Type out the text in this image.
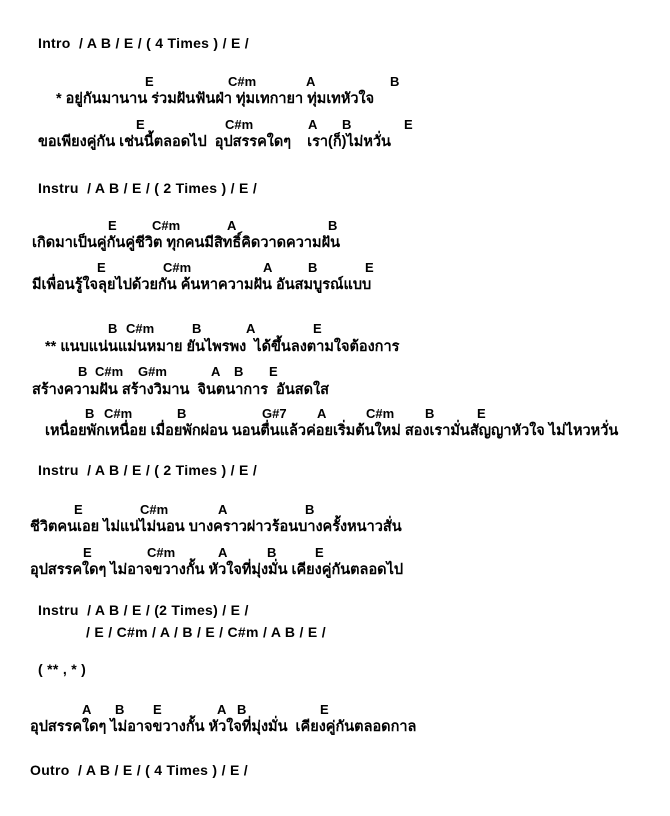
Intro  / A B / E / ( 4 Times ) / E /
E	C#m	A	B
* อยู่กันมานาน ร่วมฝันฟันฝ่า ทุ่มเทกายา ทุ่มเทหัวใจ
E	C#m	A B	E
ขอเพียงคู่กัน เช่นนี้ตลอดไป  อุปสรรคใดๆ    เรา(ก็)ไม่หวั่น
Instru  / A B / E / ( 2 Times ) / E /
E	C#m	A	B
เกิดมาเป็นคู่กันคู่ชีวิต ทุกคนมีสิทธิ์คิดวาดความฝัน
E	C#m	A	B	E
มีเพื่อนรู้ใจลุยไปด้วยกัน ค้นหาความฝัน อันสมบูรณ์แบบ
B C#m	B	A	E
** แนบแน่นแม่นหมาย ยันไพรพง  ได้ขึ้นลงตามใจต้องการ
B C#m G#m	A B E
สร้างความฝัน สร้างวิมาน  จินตนาการ  อันสดใส
B C#m	B	G#7 A	C#m B	E
เหนื่อยพักเหนื่อย เมื่อยพักผ่อน นอนตื่นแล้วค่อยเริ่มต้นใหม่ สองเรามั่นสัญญาหัวใจ ไม่ไหวหวั่น
Instru  / A B / E / ( 2 Times ) / E /
E	C#m	A	B
ชีวิตคนเอย ไม่แน่ไม่นอน บางคราวผ่าวร้อนบางครั้งหนาวสั่น
E	C#m	A	B	E
อุปสรรคใดๆ ไม่อาจขวางกั้น หัวใจที่มุ่งมั่น เคียงคู่กันตลอดไป
Instru  / A B / E / (2 Times) / E /
/ E / C#m / A / B / E / C#m / A B / E /
( ** , * )
A B E	A B	E
อุปสรรคใดๆ ไม่อาจขวางกั้น หัวใจที่มุ่งมั่น  เคียงคู่กันตลอดกาล
Outro  / A B / E / ( 4 Times ) / E /
